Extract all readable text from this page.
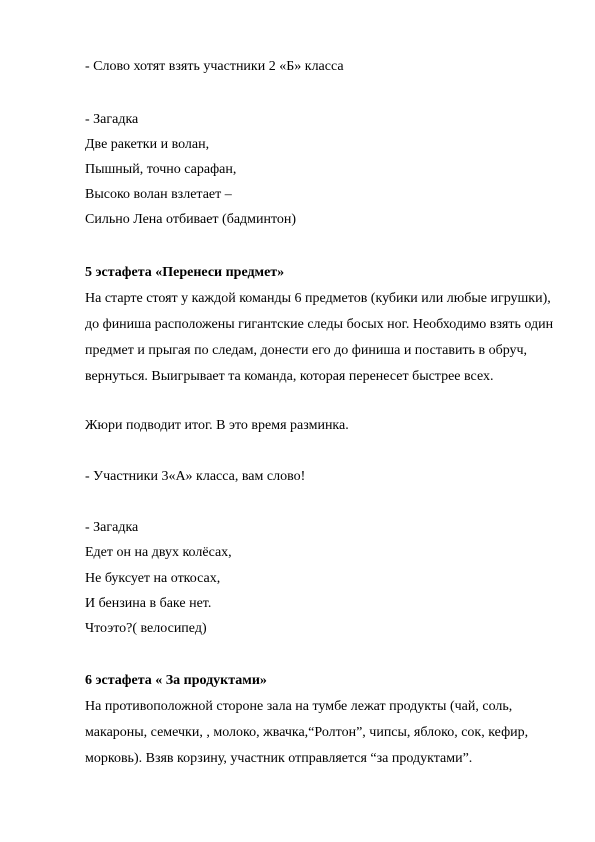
- Слово хотят взять участники 2 «Б» класса

- Загадка

Две ракетки и волан,

Пышный, точно сарафан,

Высоко волан взлетает –

Сильно Лена отбивает (бадминтон)

5 эстафета «Перенеси предмет»

На старте стоят у каждой команды 6 предметов (кубики или любые игрушки),

до финиша расположены гигантские следы босых ног. Необходимо взять один

предмет и прыгая по следам, донести его до финиша и поставить в обруч,

вернуться. Выигрывает та команда, которая перенесет быстрее всех.

Жюри подводит итог. В это время разминка.

- Участники 3«А» класса, вам слово!

- Загадка

Едет он на двух колёсах,

Не буксует на откосах,

И бензина в баке нет.

Чтоэто?( велосипед)

6 эстафета « За продуктами»

На противоположной стороне зала на тумбе лежат продукты (чай, соль,

макароны, семечки, , молоко, жвачка,“Ролтон”, чипсы, яблоко, сок, кефир,

морковь). Взяв корзину, участник отправляется “за продуктами”.
